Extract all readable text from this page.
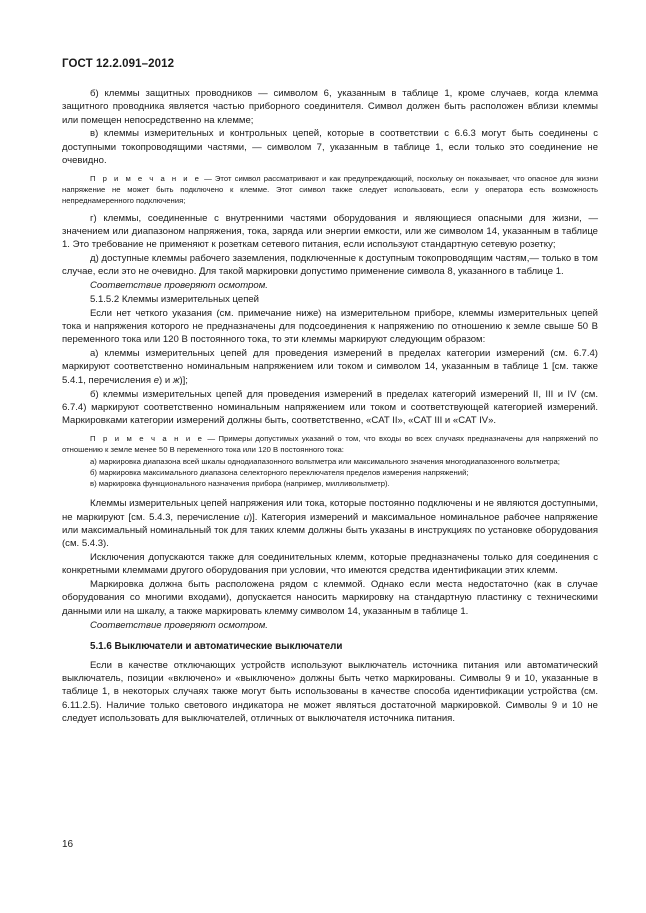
ГОСТ 12.2.091–2012

б) клеммы защитных проводников — символом 6, указанным в таблице 1, кроме случаев, когда клемма защитного проводника является частью приборного соединителя. Символ должен быть расположен вблизи клеммы или помещен непосредственно на клемме;

в) клеммы измерительных и контрольных цепей, которые в соответствии с 6.6.3 могут быть соединены с доступными токопроводящими частями, — символом 7, указанным в таблице 1, если только это соединение не очевидно.

П р и м е ч а н и е — Этот символ рассматривают и как предупреждающий, поскольку он показывает, что опасное для жизни напряжение не может быть подключено к клемме. Этот символ также следует использовать, если у оператора есть возможность непреднамеренного подключения;

г) клеммы, соединенные с внутренними частями оборудования и являющиеся опасными для жизни, — значением или диапазоном напряжения, тока, заряда или энергии емкости, или же символом 14, указанным в таблице 1. Это требование не применяют к розеткам сетевого питания, если используют стандартную сетевую розетку;

д) доступные клеммы рабочего заземления, подключенные к доступным токопроводящим частям,— только в том случае, если это не очевидно. Для такой маркировки допустимо применение символа 8, указанного в таблице 1.

Соответствие проверяют осмотром.

5.1.5.2 Клеммы измерительных цепей

Если нет четкого указания (см. примечание ниже) на измерительном приборе, клеммы измерительных цепей тока и напряжения которого не предназначены для подсоединения к напряжению по отношению к земле свыше 50 В переменного тока или 120 В постоянного тока, то эти клеммы маркируют следующим образом:

а) клеммы измерительных цепей для проведения измерений в пределах категории измерений (см. 6.7.4) маркируют соответственно номинальным напряжением или током и символом 14, указанным в таблице 1 [см. также 5.4.1, перечисления е) и ж)];

б) клеммы измерительных цепей для проведения измерений в пределах категорий измерений II, III и IV (см. 6.7.4) маркируют соответственно номинальным напряжением или током и соответствующей категорией измерений. Маркировками категории измерений должны быть, соответственно, «CAT II», «CAT III и «CAT IV».

П р и м е ч а н и е — Примеры допустимых указаний о том, что входы во всех случаях предназначены для напряжений по отношению к земле менее 50 В переменного тока или 120 В постоянного тока:

а) маркировка диапазона всей шкалы однодиапазонного вольтметра или максимального значения многодиапазонного вольтметра;

б) маркировка максимального диапазона селекторного переключателя пределов измерения напряжений;

в) маркировка функционального назначения прибора (например, милливольтметр).

Клеммы измерительных цепей напряжения или тока, которые постоянно подключены и не являются доступными, не маркируют [см. 5.4.3, перечисление и)]. Категория измерений и максимальное номинальное рабочее напряжение или максимальный номинальный ток для таких клемм должны быть указаны в инструкциях по установке оборудования (см. 5.4.3).

Исключения допускаются также для соединительных клемм, которые предназначены только для соединения с конкретными клеммами другого оборудования при условии, что имеются средства идентификации этих клемм.

Маркировка должна быть расположена рядом с клеммой. Однако если места недостаточно (как в случае оборудования со многими входами), допускается наносить маркировку на стандартную пластинку с техническими данными или на шкалу, а также маркировать клемму символом 14, указанным в таблице 1.

Соответствие проверяют осмотром.

5.1.6 Выключатели и автоматические выключатели

Если в качестве отключающих устройств используют выключатель источника питания или автоматический выключатель, позиции «включено» и «выключено» должны быть четко маркированы. Символы 9 и 10, указанные в таблице 1, в некоторых случаях также могут быть использованы в качестве способа идентификации устройства (см. 6.11.2.5). Наличие только светового индикатора не может являться достаточной маркировкой. Символы 9 и 10 не следует использовать для выключателей, отличных от выключателя источника питания.

16
